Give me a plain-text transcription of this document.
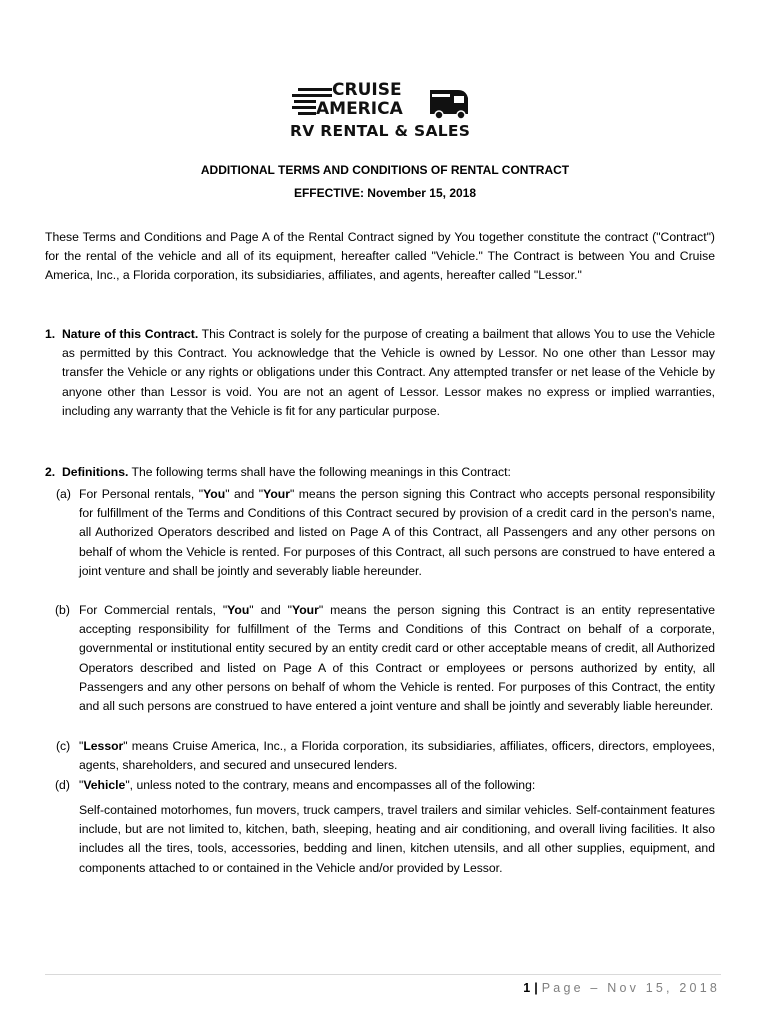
CRUISE
AMERICA
RV RENTAL & SALES
ADDITIONAL TERMS AND CONDITIONS OF RENTAL CONTRACT
EFFECTIVE: November 15, 2018
These Terms and Conditions and Page A of the Rental Contract signed by You together constitute the contract ("Contract") for the rental of the vehicle and all of its equipment, hereafter called "Vehicle." The Contract is between You and Cruise America, Inc., a Florida corporation, its subsidiaries, affiliates, and agents, hereafter called "Lessor."
1. Nature of this Contract. This Contract is solely for the purpose of creating a bailment that allows You to use the Vehicle as permitted by this Contract. You acknowledge that the Vehicle is owned by Lessor. No one other than Lessor may transfer the Vehicle or any rights or obligations under this Contract. Any attempted transfer or net lease of the Vehicle by anyone other than Lessor is void. You are not an agent of Lessor. Lessor makes no express or implied warranties, including any warranty that the Vehicle is fit for any particular purpose.
2. Definitions. The following terms shall have the following meanings in this Contract:
(a) For Personal rentals, "You" and "Your" means the person signing this Contract who accepts personal responsibility for fulfillment of the Terms and Conditions of this Contract secured by provision of a credit card in the person's name, all Authorized Operators described and listed on Page A of this Contract, all Passengers and any other persons on behalf of whom the Vehicle is rented. For purposes of this Contract, all such persons are construed to have entered a joint venture and shall be jointly and severably liable hereunder.
(b) For Commercial rentals, "You" and "Your" means the person signing this Contract is an entity representative accepting responsibility for fulfillment of the Terms and Conditions of this Contract on behalf of a corporate, governmental or institutional entity secured by an entity credit card or other acceptable means of credit, all Authorized Operators described and listed on Page A of this Contract or employees or persons authorized by entity, all Passengers and any other persons on behalf of whom the Vehicle is rented. For purposes of this Contract, the entity and all such persons are construed to have entered a joint venture and shall be jointly and severably liable hereunder.
(c) "Lessor" means Cruise America, Inc., a Florida corporation, its subsidiaries, affiliates, officers, directors, employees, agents, shareholders, and secured and unsecured lenders.
(d) "Vehicle", unless noted to the contrary, means and encompasses all of the following:
Self-contained motorhomes, fun movers, truck campers, travel trailers and similar vehicles. Self-containment features include, but are not limited to, kitchen, bath, sleeping, heating and air conditioning, and overall living facilities. It also includes all the tires, tools, accessories, bedding and linen, kitchen utensils, and all other supplies, equipment, and components attached to or contained in the Vehicle and/or provided by Lessor.
1 | Page – Nov 15, 2018
